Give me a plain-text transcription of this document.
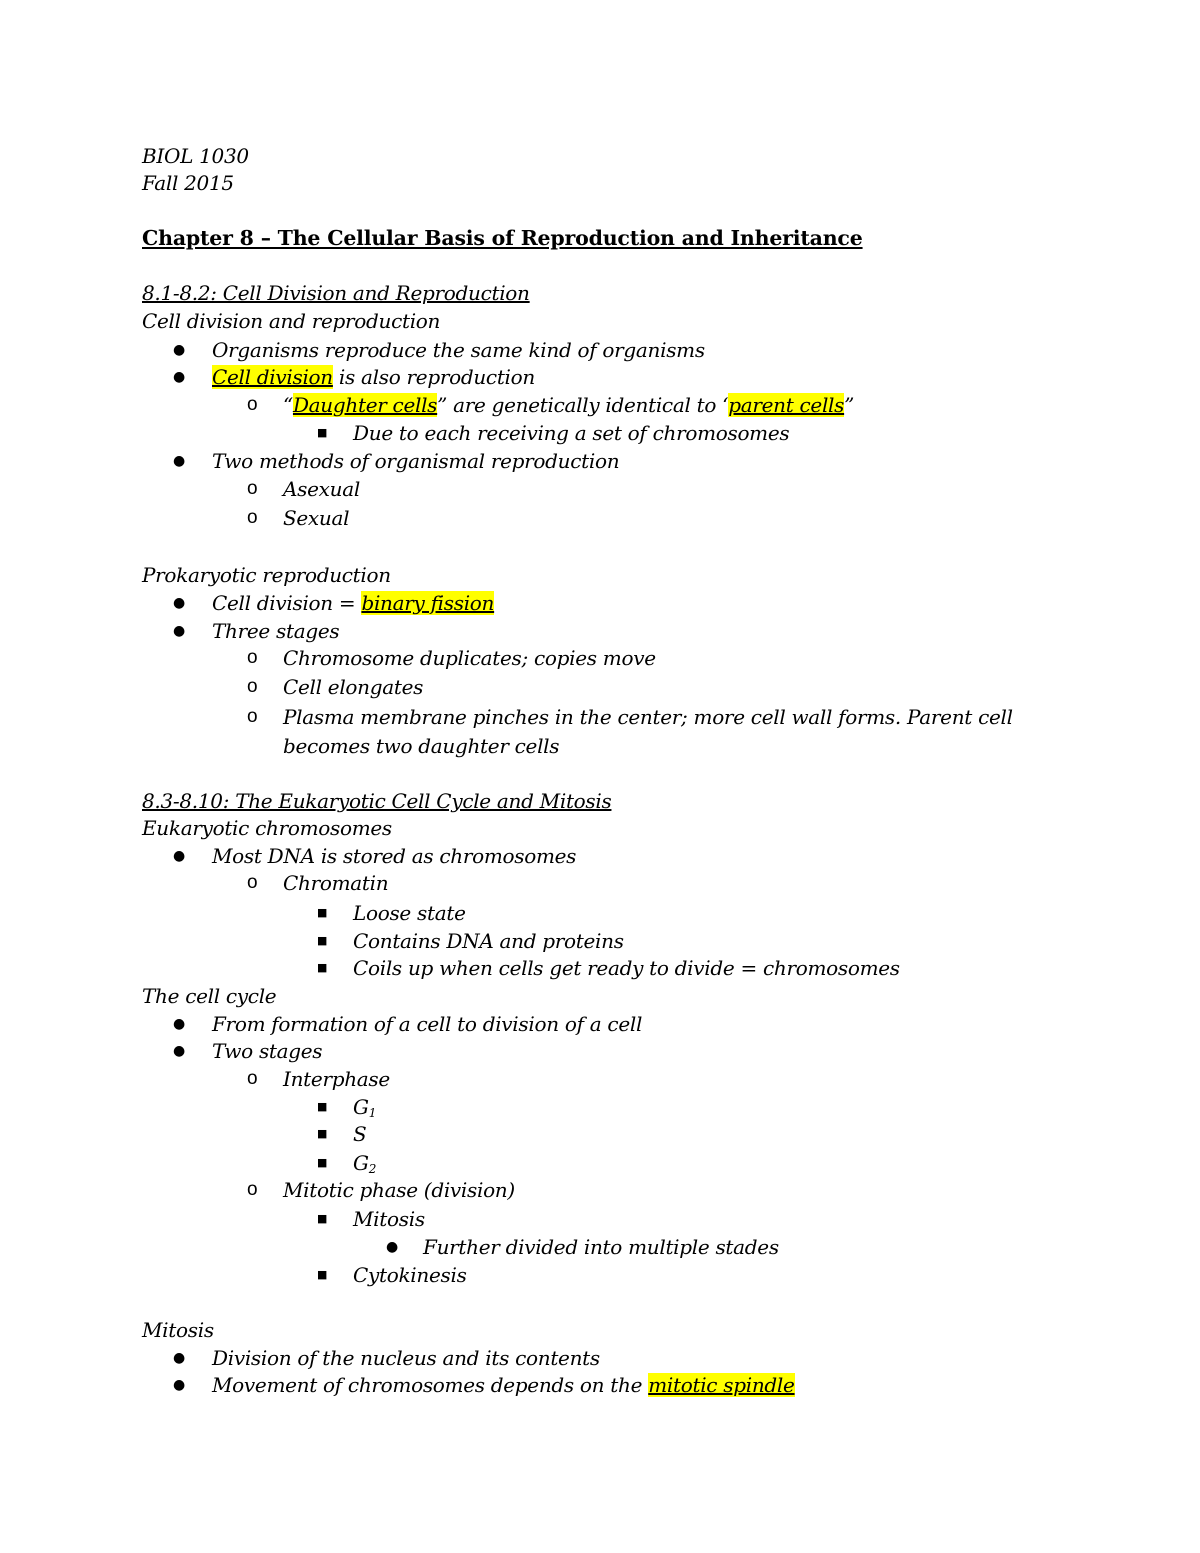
BIOL 1030
Fall 2015
Chapter 8 – The Cellular Basis of Reproduction and Inheritance
8.1-8.2: Cell Division and Reproduction
Cell division and reproduction
● Organisms reproduce the same kind of organisms
● Cell division is also reproduction
o “Daughter cells” are genetically identical to ‘parent cells”
■ Due to each receiving a set of chromosomes
● Two methods of organismal reproduction
o Asexual
o Sexual
Prokaryotic reproduction
● Cell division = binary fission
● Three stages
o Chromosome duplicates; copies move
o Cell elongates
o Plasma membrane pinches in the center; more cell wall forms. Parent cell
becomes two daughter cells
8.3-8.10: The Eukaryotic Cell Cycle and Mitosis
Eukaryotic chromosomes
● Most DNA is stored as chromosomes
o Chromatin
■ Loose state
■ Contains DNA and proteins
■ Coils up when cells get ready to divide = chromosomes
The cell cycle
● From formation of a cell to division of a cell
● Two stages
o Interphase
■ $G_1$
■ S
■ $G_2$
o Mitotic phase (division)
■ Mitosis
● Further divided into multiple stades
■ Cytokinesis
Mitosis
● Division of the nucleus and its contents
● Movement of chromosomes depends on the mitotic spindle
